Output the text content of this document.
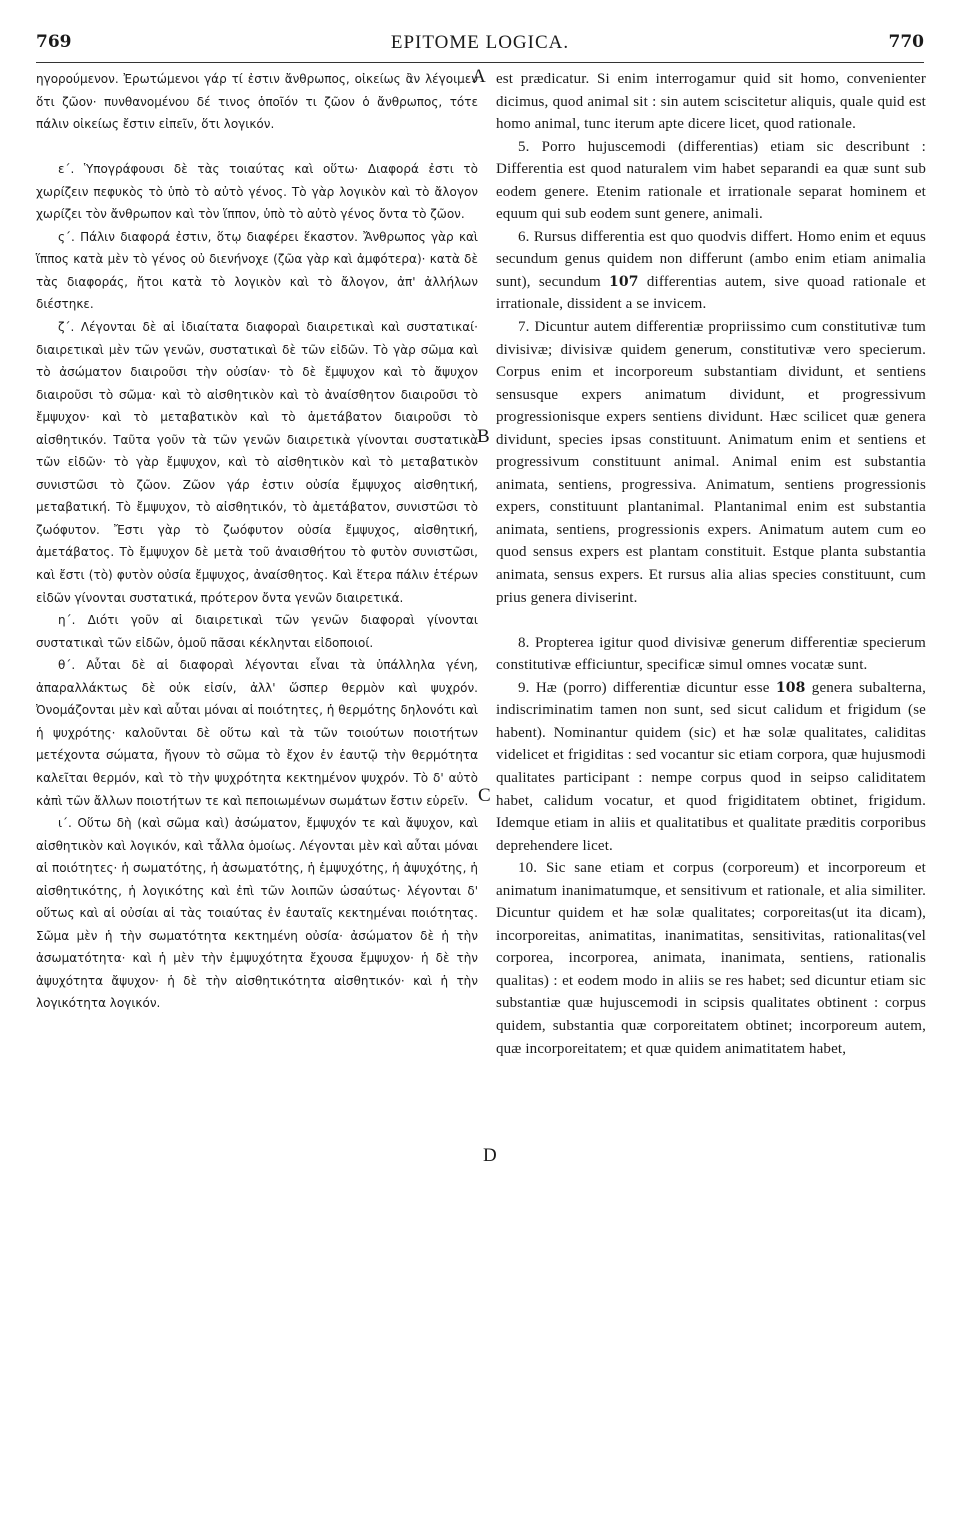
769	EPITOME LOGICA.	770
A
B
C
D

ηγορούμενον. Ἐρωτώμενοι γάρ τί ἐστιν ἄνθρωπος, οἰκείως ἂν λέγοιμεν ὅτι ζῶον· πυνθανομένου δέ τινος ὁποῖόν τι ζῶον ὁ ἄνθρωπος, τότε πάλιν οἰκείως ἔστιν εἰπεῖν, ὅτι λογικόν.

ε΄. Ὑπογράφουσι δὲ τὰς τοιαύτας καὶ οὕτω· Διαφορά ἐστι τὸ χωρίζειν πεφυκὸς τὸ ὑπὸ τὸ αὐτὸ γένος. Τὸ γὰρ λογικὸν καὶ τὸ ἄλογον χωρίζει τὸν ἄνθρωπον καὶ τὸν ἵππον, ὑπὸ τὸ αὐτὸ γένος ὄντα τὸ ζῶον.

ς΄. Πάλιν διαφορά ἐστιν, ὅτῳ διαφέρει ἕκαστον. Ἄνθρωπος γὰρ καὶ ἵππος κατὰ μὲν τὸ γένος οὐ διενήνοχε (ζῶα γὰρ καὶ ἀμφότερα)· κατὰ δὲ τὰς διαφοράς, ἤτοι κατὰ τὸ λογικὸν καὶ τὸ ἄλογον, ἀπ' ἀλλήλων διέστηκε.

ζ΄. Λέγονται δὲ αἱ ἰδιαίτατα διαφοραὶ διαιρετικαὶ καὶ συστατικαί· διαιρετικαὶ μὲν τῶν γενῶν, συστατικαὶ δὲ τῶν εἰδῶν. Τὸ γὰρ σῶμα καὶ τὸ ἀσώματον διαιροῦσι τὴν οὐσίαν· τὸ δὲ ἔμψυχον καὶ τὸ ἄψυχον διαιροῦσι τὸ σῶμα· καὶ τὸ αἰσθητικὸν καὶ τὸ ἀναίσθητον διαιροῦσι τὸ ἔμψυχον· καὶ τὸ μεταβατικὸν καὶ τὸ ἀμετάβατον διαιροῦσι τὸ αἰσθητικόν. Ταῦτα γοῦν τὰ τῶν γενῶν διαιρετικὰ γίνονται συστατικὰ τῶν εἰδῶν· τὸ γὰρ ἔμψυχον, καὶ τὸ αἰσθητικὸν καὶ τὸ μεταβατικὸν συνιστῶσι τὸ ζῶον. Ζῶον γάρ ἐστιν οὐσία ἔμψυχος αἰσθητική, μεταβατική. Τὸ ἔμψυχον, τὸ αἰσθητικόν, τὸ ἀμετάβατον, συνιστῶσι τὸ ζωόφυτον. Ἔστι γὰρ τὸ ζωόφυτον οὐσία ἔμψυχος, αἰσθητική, ἀμετάβατος. Τὸ ἔμψυχον δὲ μετὰ τοῦ ἀναισθήτου τὸ φυτὸν συνιστῶσι, καὶ ἔστι (τὸ) φυτὸν οὐσία ἔμψυχος, ἀναίσθητος. Καὶ ἕτερα πάλιν ἑτέρων εἰδῶν γίνονται συστατικά, πρότερον ὄντα γενῶν διαιρετικά.

η΄. Διότι γοῦν αἱ διαιρετικαὶ τῶν γενῶν διαφοραὶ γίνονται συστατικαὶ τῶν εἰδῶν, ὁμοῦ πᾶσαι κέκληνται εἰδοποιοί.

θ΄. Αὗται δὲ αἱ διαφοραὶ λέγονται εἶναι τὰ ὑπάλληλα γένη, ἀπαραλλάκτως δὲ οὐκ εἰσίν, ἀλλ' ὥσπερ θερμὸν καὶ ψυχρόν. Ὀνομάζονται μὲν καὶ αὗται μόναι αἱ ποιότητες, ἡ θερμότης δηλονότι καὶ ἡ ψυχρότης· καλοῦνται δὲ οὕτω καὶ τὰ τῶν τοιούτων ποιοτήτων μετέχοντα σώματα, ἤγουν τὸ σῶμα τὸ ἔχον ἐν ἑαυτῷ τὴν θερμότητα καλεῖται θερμόν, καὶ τὸ τὴν ψυχρότητα κεκτημένον ψυχρόν. Τὸ δ' αὐτὸ κἀπὶ τῶν ἄλλων ποιοτήτων τε καὶ πεποιωμένων σωμάτων ἔστιν εὑρεῖν.

ι΄. Οὕτω δὴ (καὶ σῶμα καὶ) ἀσώματον, ἔμψυχόν τε καὶ ἄψυχον, καὶ αἰσθητικὸν καὶ λογικόν, καὶ τἆλλα ὁμοίως. Λέγονται μὲν καὶ αὗται μόναι αἱ ποιότητες· ἡ σωματότης, ἡ ἀσωματότης, ἡ ἐμψυχότης, ἡ ἀψυχότης, ἡ αἰσθητικότης, ἡ λογικότης καὶ ἐπὶ τῶν λοιπῶν ὡσαύτως· λέγονται δ' οὕτως καὶ αἱ οὐσίαι αἱ τὰς τοιαύτας ἐν ἑαυταῖς κεκτημέναι ποιότητας. Σῶμα μὲν ἡ τὴν σωματότητα κεκτημένη οὐσία· ἀσώματον δὲ ἡ τὴν ἀσωματότητα· καὶ ἡ μὲν τὴν ἐμψυχότητα ἔχουσα ἔμψυχον· ἡ δὲ τὴν ἀψυχότητα ἄψυχον· ἡ δὲ τὴν αἰσθητικότητα αἰσθητικόν· καὶ ἡ τὴν λογικότητα λογικόν.

est prædicatur. Si enim interrogamur quid sit homo, convenienter dicimus, quod animal sit : sin autem sciscitetur aliquis, quale quid est homo animal, tunc iterum apte dicere licet, quod rationale.

5. Porro hujuscemodi (differentias) etiam sic describunt : Differentia est quod naturalem vim habet separandi ea quæ sunt sub eodem genere. Etenim rationale et irrationale separat hominem et equum qui sub eodem sunt genere, animali.

6. Rursus differentia est quo quodvis differt. Homo enim et equus secundum genus quidem non differunt (ambo enim etiam animalia sunt), secundum 107 differentias autem, sive quoad rationale et irrationale, dissident a se invicem.

7. Dicuntur autem differentiæ propriissimo cum constitutivæ tum divisivæ; divisivæ quidem generum, constitutivæ vero specierum. Corpus enim et incorporeum substantiam dividunt, et sentiens sensusque expers animatum dividunt, et progressivum progressionisque expers sentiens dividunt. Hæc scilicet quæ genera dividunt, species ipsas constituunt. Animatum enim et sentiens et progressivum constituunt animal. Animal enim est substantia animata, sentiens, progressiva. Animatum, sentiens progressionis expers, constituunt plantanimal. Plantanimal enim est substantia animata, sentiens, progressionis expers. Animatum autem cum eo quod sensus expers est plantam constituit. Estque planta substantia animata, sensus expers. Et rursus alia alias species constituunt, cum prius genera diviserint.

8. Propterea igitur quod divisivæ generum differentiæ specierum constitutivæ efficiuntur, specificæ simul omnes vocatæ sunt.

9. Hæ (porro) differentiæ dicuntur esse 108 genera subalterna, indiscriminatim tamen non sunt, sed sicut calidum et frigidum (se habent). Nominantur quidem (sic) et hæ solæ qualitates, caliditas videlicet et frigiditas : sed vocantur sic etiam corpora, quæ hujusmodi qualitates participant : nempe corpus quod in seipso caliditatem habet, calidum vocatur, et quod frigiditatem obtinet, frigidum. Idemque etiam in aliis et qualitatibus et qualitate præditis corporibus deprehendere licet.

10. Sic sane etiam et corpus (corporeum) et incorporeum et animatum inanimatumque, et sensitivum et rationale, et alia similiter. Dicuntur quidem et hæ solæ qualitates; corporeitas(ut ita dicam), incorporeitas, animatitas, inanimatitas, sensitivitas, rationalitas(vel corporea, incorporea, animata, inanimata, sentiens, rationalis qualitas) : et eodem modo in aliis se res habet; sed dicuntur etiam sic substantiæ quæ hujuscemodi in scipsis qualitates obtinent : corpus quidem, substantia quæ corporeitatem obtinet; incorporeum autem, quæ incorporeitatem; et quæ quidem animatitatem habet,
